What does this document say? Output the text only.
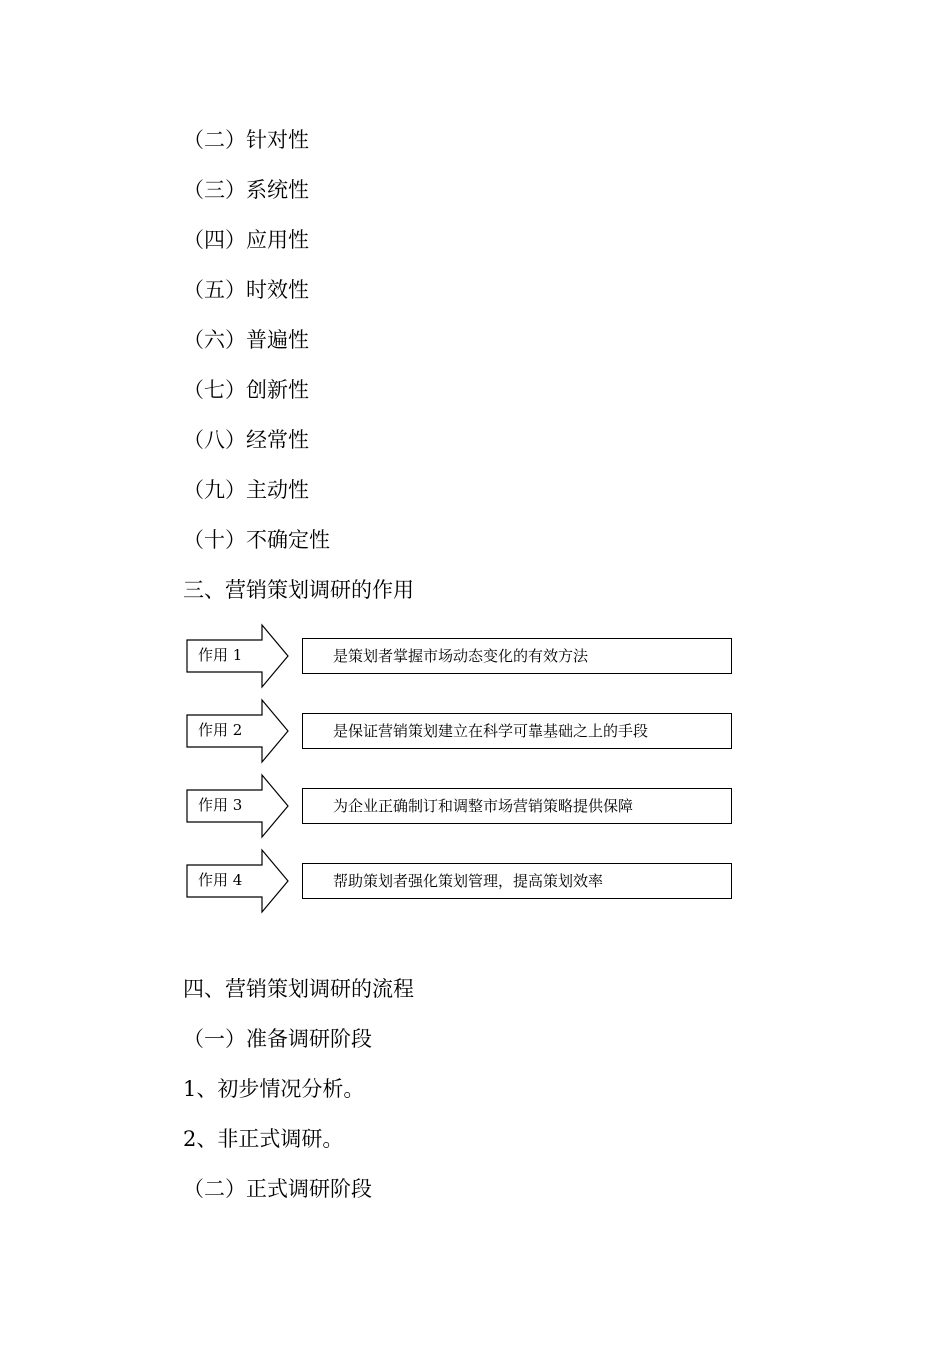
（二）针对性
（三）系统性
（四）应用性
（五）时效性
（六）普遍性
（七）创新性
（八）经常性
（九）主动性
（十）不确定性
三、营销策划调研的作用
作用 1	是策划者掌握市场动态变化的有效方法
作用 2	是保证营销策划建立在科学可靠基础之上的手段
作用 3	为企业正确制订和调整市场营销策略提供保障
作用 4	帮助策划者强化策划管理，提高策划效率
四、营销策划调研的流程
（一）准备调研阶段
1、初步情况分析。
2、非正式调研。
（二）正式调研阶段
